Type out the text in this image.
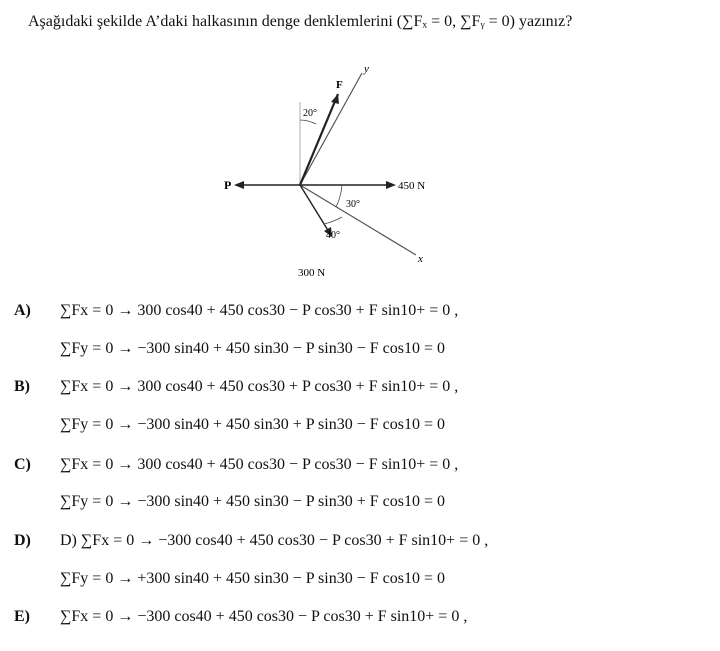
Aşağıdaki şekilde A’daki halkasının denge denklemlerini (∑Fₓ = 0, ∑Fᵧ = 0) yazınız?
y
F
20°
P	450 N
x
30°
40°
300 N
A) ∑Fx = 0 → 300 cos40 + 450 cos30 − P cos30 + F sin10+ = 0 ,
∑Fy = 0 → −300 sin40 + 450 sin30 − P sin30 − F cos10 = 0
B) ∑Fx = 0 → 300 cos40 + 450 cos30 + P cos30 + F sin10+ = 0 ,
∑Fy = 0 → −300 sin40 + 450 sin30 + P sin30 − F cos10 = 0
C) ∑Fx = 0 → 300 cos40 + 450 cos30 − P cos30 − F sin10+ = 0 ,
∑Fy = 0 → −300 sin40 + 450 sin30 − P sin30 + F cos10 = 0
D) D) ∑Fx = 0 → −300 cos40 + 450 cos30 − P cos30 + F sin10+ = 0 ,
∑Fy = 0 → +300 sin40 + 450 sin30 − P sin30 − F cos10 = 0
E) ∑Fx = 0 → −300 cos40 + 450 cos30 − P cos30 + F sin10+ = 0 ,
